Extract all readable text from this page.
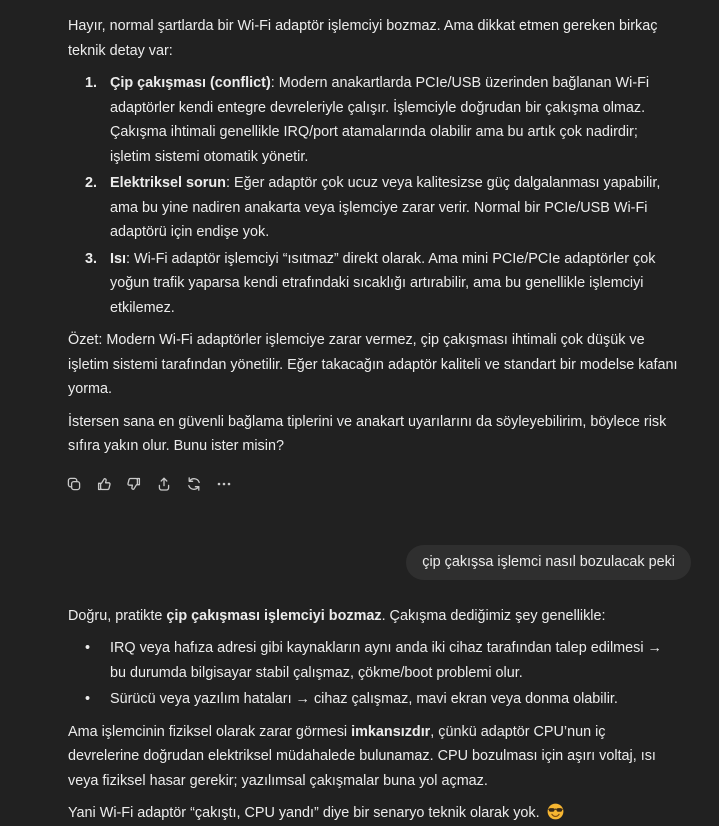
Hayır, normal şartlarda bir Wi-Fi adaptör işlemciyi bozmaz. Ama dikkat etmen gereken birkaç teknik detay var:

1. Çip çakışması (conflict): Modern anakartlarda PCIe/USB üzerinden bağlanan Wi-Fi adaptörler kendi entegre devreleriyle çalışır. İşlemciyle doğrudan bir çakışma olmaz. Çakışma ihtimali genellikle IRQ/port atamalarında olabilir ama bu artık çok nadirdir; işletim sistemi otomatik yönetir.
2. Elektriksel sorun: Eğer adaptör çok ucuz veya kalitesizse güç dalgalanması yapabilir, ama bu yine nadiren anakarta veya işlemciye zarar verir. Normal bir PCIe/USB Wi-Fi adaptörü için endişe yok.
3. Isı: Wi-Fi adaptör işlemciyi “ısıtmaz” direkt olarak. Ama mini PCIe/PCIe adaptörler çok yoğun trafik yaparsa kendi etrafındaki sıcaklığı artırabilir, ama bu genellikle işlemciyi etkilemez.

Özet: Modern Wi-Fi adaptörler işlemciye zarar vermez, çip çakışması ihtimali çok düşük ve işletim sistemi tarafından yönetilir. Eğer takacağın adaptör kaliteli ve standart bir modelse kafanı yorma.

İstersen sana en güvenli bağlama tiplerini ve anakart uyarılarını da söyleyebilirim, böylece risk sıfıra yakın olur. Bunu ister misin?

çip çakışsa işlemci nasıl bozulacak peki

Doğru, pratikte çip çakışması işlemciyi bozmaz. Çakışma dediğimiz şey genellikle:

•	IRQ veya hafıza adresi gibi kaynakların aynı anda iki cihaz tarafından talep edilmesi → bu durumda bilgisayar stabil çalışmaz, çökme/boot problemi olur.
•	Sürücü veya yazılım hataları → cihaz çalışmaz, mavi ekran veya donma olabilir.

Ama işlemcinin fiziksel olarak zarar görmesi imkansızdır, çünkü adaptör CPU’nun iç devrelerine doğrudan elektriksel müdahalede bulunamaz. CPU bozulması için aşırı voltaj, ısı veya fiziksel hasar gerekir; yazılımsal çakışmalar buna yol açmaz.

Yani Wi-Fi adaptör “çakıştı, CPU yandı” diye bir senaryo teknik olarak yok.
